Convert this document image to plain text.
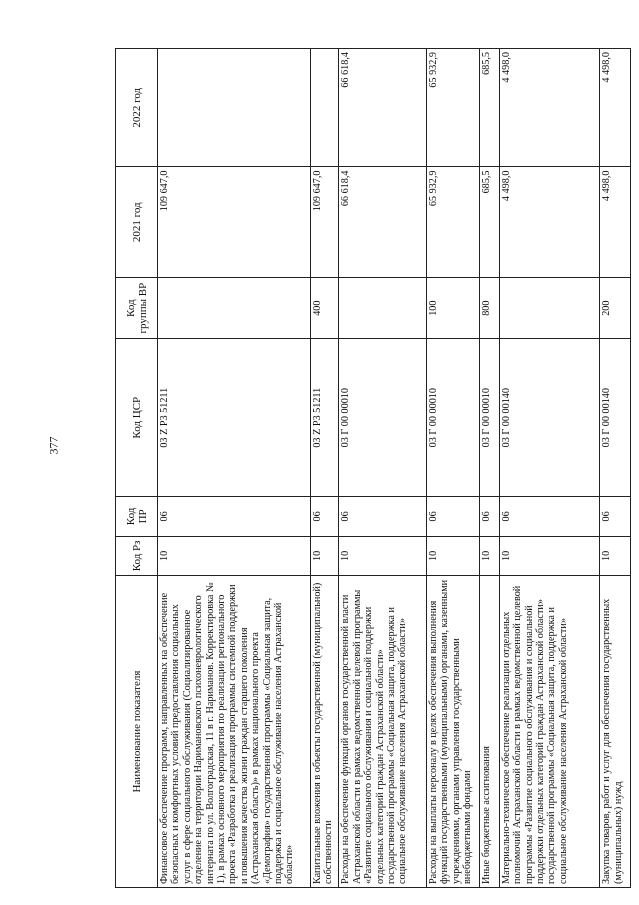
377
Наименование показателя	Код Рз	Код ПР	Код ЦСР	Код группы ВР	2021 год	2022 год
Финансовое обеспечение программ, направленных на обеспечение безопасных и комфортных условий предоставления социальных услуг в сфере социального обслуживания (Социализированное отделение на территории Наримановского психоневрологического интерната по ул. Волгоградская, 11 в г. Нариманов. Корректировка № 1), в рамках основного мероприятия по реализации регионального проекта «Разработка и реализация программы системной поддержки и повышения качества жизни граждан старшего поколения (Астраханская область)» в рамках национального проекта «Демография» государственной программы «Социальная защита, поддержка и социальное обслуживание населения Астраханской области»	10	06	03 Z P3 51211		109 647,0	
Капитальные вложения в объекты государственной (муниципальной) собственности	10	06	03 Z P3 51211	400	109 647,0	
Расходы на обеспечение функций органов государственной власти Астраханской области в рамках ведомственной целевой программы «Развитие социального обслуживания и социальной поддержки отдельных категорий граждан Астраханской области» государственной программы «Социальная защита, поддержка и социальное обслуживание населения Астраханской области»	10	06	03 Г 00 00010		66 618,4	66 618,4
Расходы на выплаты персоналу в целях обеспечения выполнения функций государственными (муниципальными) органами, казенными учреждениями, органами управления государственными внебюджетными фондами	10	06	03 Г 00 00010	100	65 932,9	65 932,9
Иные бюджетные ассигнования	10	06	03 Г 00 00010	800	685,5	685,5
Материально-техническое обеспечение реализации отдельных полномочий Астраханской области в рамках ведомственной целевой программы «Развитие социального обслуживания и социальной поддержки отдельных категорий граждан Астраханской области» государственной программы «Социальная защита, поддержка и социальное обслуживание населения Астраханской области»	10	06	03 Г 00 00140		4 498,0	4 498,0
Закупка товаров, работ и услуг для обеспечения государственных (муниципальных) нужд	10	06	03 Г 00 00140	200	4 498,0	4 498,0
